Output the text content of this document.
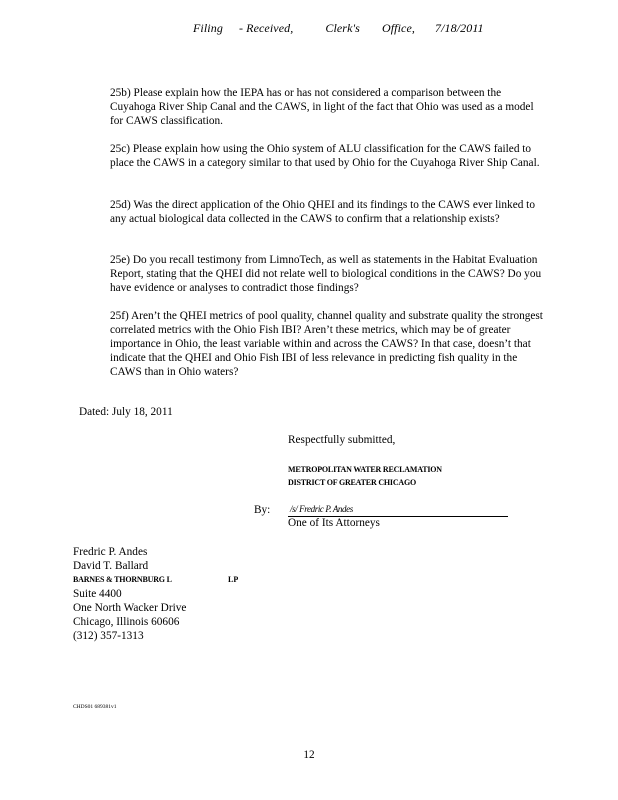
Filing - Received,	Clerk's Office, 7/18/2011
25b) Please explain how the IEPA has or has not considered a comparison between the Cuyahoga River Ship Canal and the CAWS, in light of the fact that Ohio was used as a model for CAWS classification.
25c) Please explain how using the Ohio system of ALU classification for the CAWS failed to place the CAWS in a category similar to that used by Ohio for the Cuyahoga River Ship Canal.
25d) Was the direct application of the Ohio QHEI and its findings to the CAWS ever linked to any actual biological data collected in the CAWS to confirm that a relationship exists?
25e) Do you recall testimony from LimnoTech, as well as statements in the Habitat Evaluation Report, stating that the QHEI did not relate well to biological conditions in the CAWS? Do you have evidence or analyses to contradict those findings?
25f) Aren’t the QHEI metrics of pool quality, channel quality and substrate quality the strongest correlated metrics with the Ohio Fish IBI? Aren’t these metrics, which may be of greater importance in Ohio, the least variable within and across the CAWS? In that case, doesn’t that indicate that the QHEI and Ohio Fish IBI of less relevance in predicting fish quality in the CAWS than in Ohio waters?
Dated: July 18, 2011
Respectfully submitted,
METROPOLITAN WATER RECLAMATION
DISTRICT OF GREATER CHICAGO
By: /s/ Fredric P. Andes
One of Its Attorneys
Fredric P. Andes
David T. Ballard
BARNES & THORNBURG L	LP
Suite 4400
One North Wacker Drive
Chicago, Illinois 60606
(312) 357-1313
CHDS01 689381v1
12
